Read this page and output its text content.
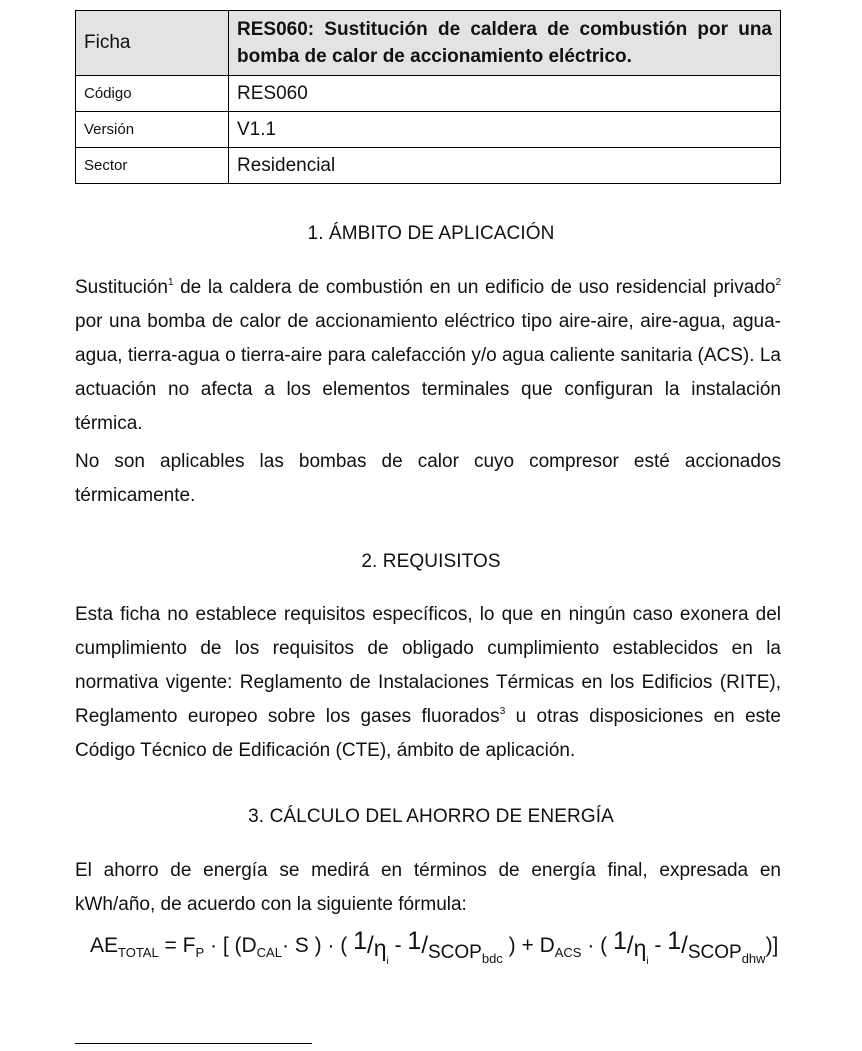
Ficha	RES060: Sustitución de caldera de combustión por una bomba de calor de accionamiento eléctrico.
Código	RES060
Versión	V1.1
Sector	Residencial
1. ÁMBITO DE APLICACIÓN

Sustitución$^1$ de la caldera de combustión en un edificio de uso residencial privado$^2$ por una bomba de calor de accionamiento eléctrico tipo aire-aire, aire-agua, agua-agua, tierra-agua o tierra-aire para calefacción y/o agua caliente sanitaria (ACS). La actuación no afecta a los elementos terminales que configuran la instalación térmica.

No son aplicables las bombas de calor cuyo compresor esté accionados térmicamente.

2. REQUISITOS

Esta ficha no establece requisitos específicos, lo que en ningún caso exonera del cumplimiento de los requisitos de obligado cumplimiento establecidos en la normativa vigente: Reglamento de Instalaciones Térmicas en los Edificios (RITE), Reglamento europeo sobre los gases fluorados$^3$ u otras disposiciones en este Código Técnico de Edificación (CTE), ámbito de aplicación.

3. CÁLCULO DEL AHORRO DE ENERGÍA

El ahorro de energía se medirá en términos de energía final, expresada en kWh/año, de acuerdo con la siguiente fórmula:

$AE_{TOTAL} = F_P$ · [ ($D_{CAL}\cdot S$ ) · ( $1/\eta_i$ - $1/SCOP_{bdc}$ ) + $D_{ACS}$ · ( $1/\eta_i$ - $1/SCOP_{dhw}$)]
